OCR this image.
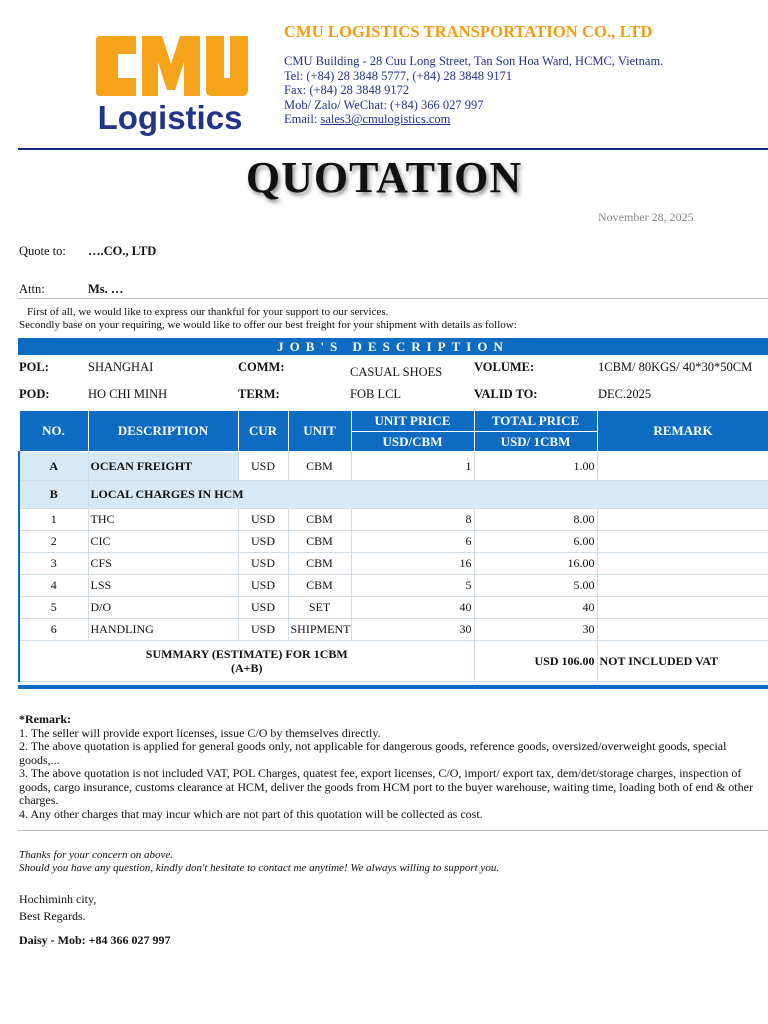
Logistics
CMU LOGISTICS TRANSPORTATION CO., LTD
CMU Building - 28 Cuu Long Street, Tan Son Hoa Ward, HCMC, Vietnam.
Tel: (+84) 28 3848 5777, (+84) 28 3848 9171
Fax: (+84) 28 3848 9172
Mob/ Zalo/ WeChat: (+84) 366 027 997
Email: sales3@cmulogistics.com
QUOTATION
November 28, 2025
Quote to: ….CO., LTD
Attn:	Ms. …
First of all, we would like to express our thankful for your support to our services.
Secondly base on your requiring, we would like to offer our best freight for your shipment with details as follow:
JOB'S DESCRIPTION
POL:	SHANGHAI	COMM:	CASUAL SHOES	VOLUME:	1CBM/ 80KGS/ 40*30*50CM
POD:	HO CHI MINH	TERM:	FOB LCL	VALID TO:	DEC.2025
NO.	DESCRIPTION	CUR	UNIT	UNIT PRICE	TOTAL PRICE	REMARK
				USD/CBM	USD/ 1CBM	
A	OCEAN FREIGHT	USD	CBM	1	1.00	
B	LOCAL CHARGES IN HCM					
1	THC	USD	CBM	8	8.00	
2	CIC	USD	CBM	6	6.00	
3	CFS	USD	CBM	16	16.00	
4	LSS	USD	CBM	5	5.00	
5	D/O	USD	SET	40	40	
6	HANDLING	USD	SHIPMENT	30	30	

SUMMARY (ESTIMATE) FOR 1CBM
(A+B)					USD 106.00	NOT INCLUDED VAT
*Remark:
1. The seller will provide export licenses, issue C/O by themselves directly.
2. The above quotation is applied for general goods only, not applicable for dangerous goods, reference goods, oversized/overweight goods, special goods,...
3. The above quotation is not included VAT, POL Charges, quatest fee, export licenses, C/O, import/ export tax, dem/det/storage charges, inspection of goods, cargo insurance, customs clearance at HCM, deliver the goods from HCM port to the buyer warehouse, waiting time, loading both of end & other charges.
4. Any other charges that may incur which are not part of this quotation will be collected as cost.
Thanks for your concern on above.
Should you have any question, kindly don't hesitate to contact me anytime! We always willing to support you.
Hochiminh city,
Best Regards.
Daisy - Mob: +84 366 027 997
